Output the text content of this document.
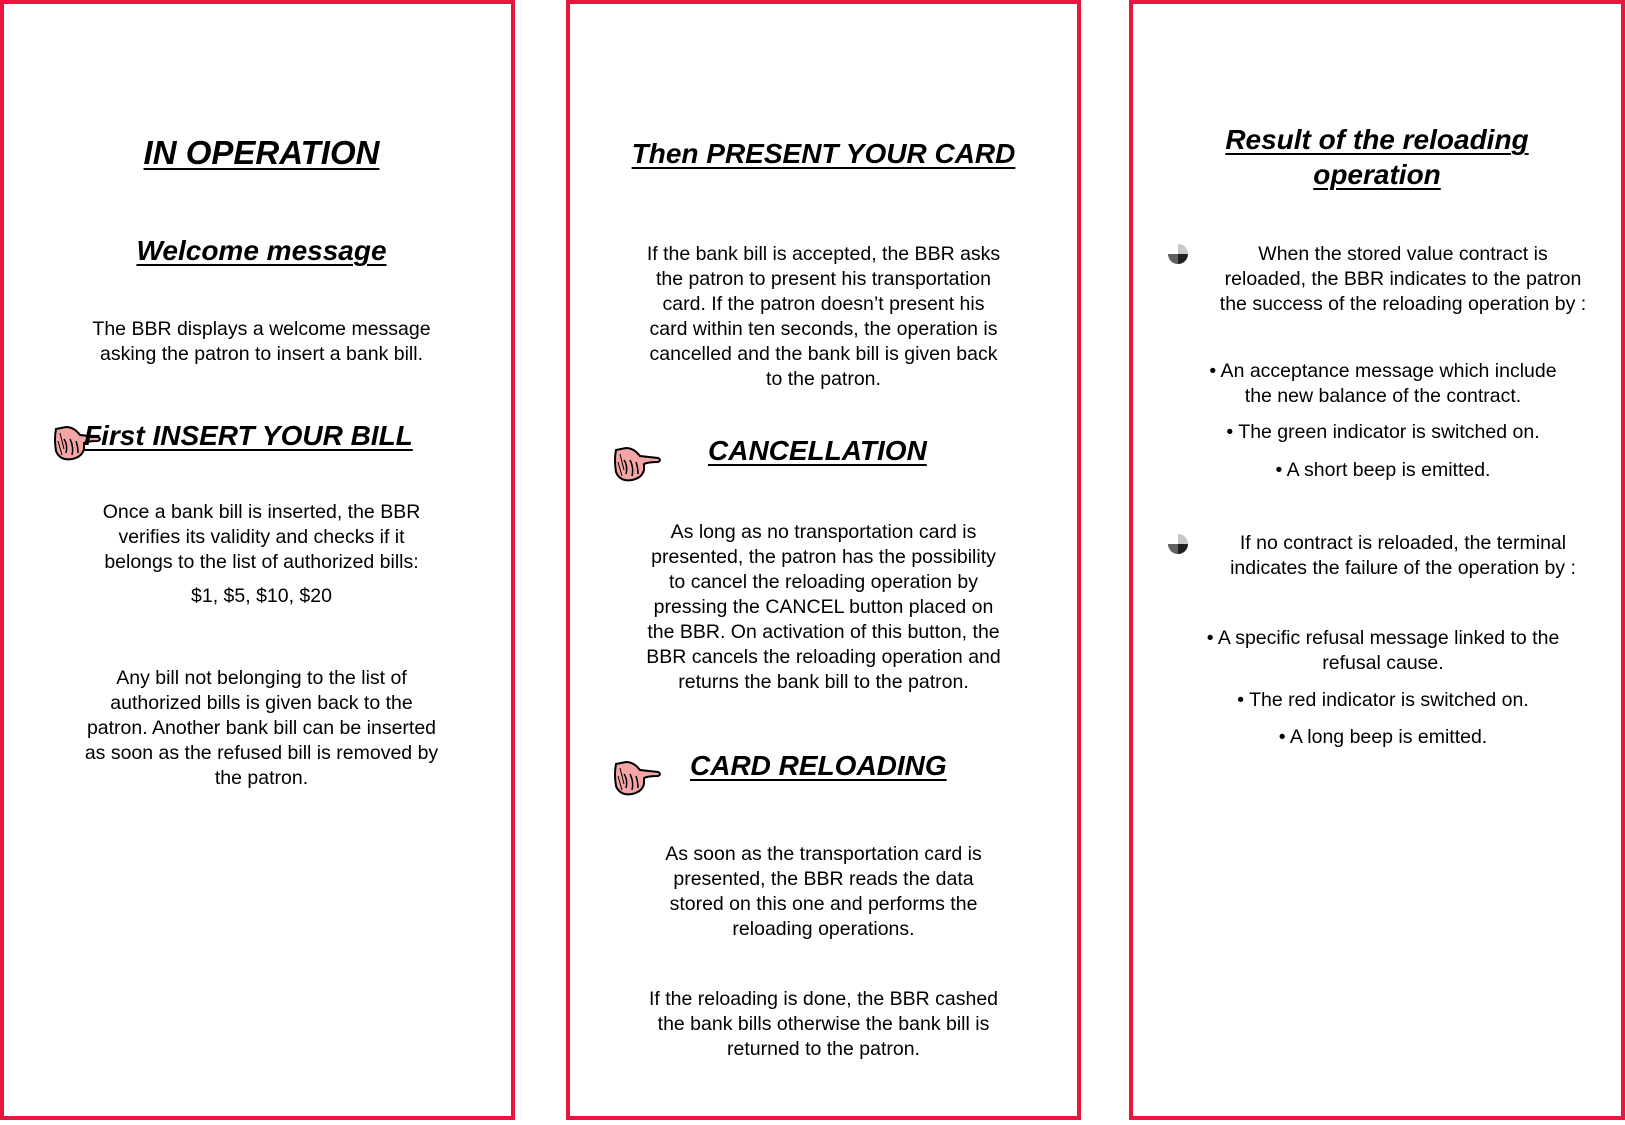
IN OPERATION
Welcome message
The BBR displays a welcome message
asking the patron to insert a bank bill.
First INSERT YOUR BILL
Once a bank bill is inserted, the BBR
verifies its validity and checks if it
belongs to the list of authorized bills:
$1, $5, $10, $20
Any bill not belonging to the list of
authorized bills is given back to the
patron. Another bank bill can be inserted
as soon as the refused bill is removed by
the patron.
Then PRESENT YOUR CARD
If the bank bill is accepted, the BBR asks
the patron to present his transportation
card. If the patron doesn’t present his
card within ten seconds, the operation is
cancelled and the bank bill is given back
to the patron.
CANCELLATION
As long as no transportation card is
presented, the patron has the possibility
to cancel the reloading operation by
pressing the CANCEL button placed on
the BBR. On activation of this button, the
BBR cancels the reloading operation and
returns the bank bill to the patron.
CARD RELOADING
As soon as the transportation card is
presented, the BBR reads the data
stored on this one and performs the
reloading operations.
If the reloading is done, the BBR cashed
the bank bills otherwise the bank bill is
returned to the patron.
Result of the reloading
operation
When the stored value contract is
reloaded, the BBR indicates to the patron
the success of the reloading operation by :
• An acceptance message which include
the new balance of the contract.
• The green indicator is switched on.
• A short beep is emitted.
If no contract is reloaded, the terminal
indicates the failure of the operation by :
• A specific refusal message linked to the
refusal cause.
• The red indicator is switched on.
• A long beep is emitted.
